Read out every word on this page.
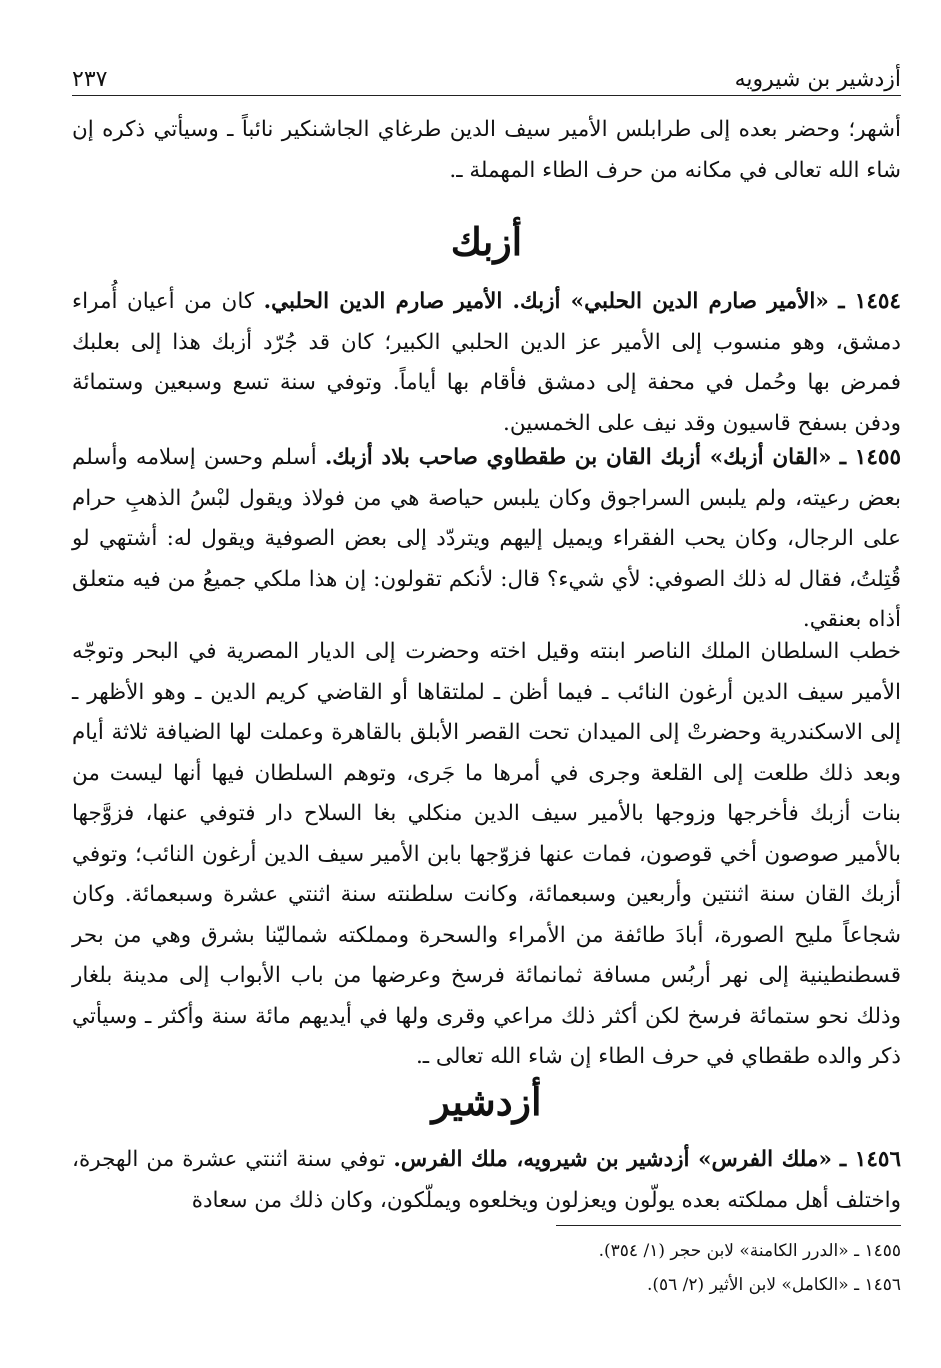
أزدشير بن شيرويه
٢٣٧

أشهر؛ وحضر بعده إلى طرابلس الأمير سيف الدين طرغاي الجاشنكير نائباً ـ وسيأتي ذكره إن شاء الله تعالى في مكانه من حرف الطاء المهملة ـ.

أزبك

١٤٥٤ ـ «الأمير صارم الدين الحلبي» أزبك. الأمير صارم الدين الحلبي. كان من أعيان أُمراء دمشق، وهو منسوب إلى الأمير عز الدين الحلبي الكبير؛ كان قد جُرّد أزبك هذا إلى بعلبك فمرض بها وحُمل في محفة إلى دمشق فأقام بها أياماً. وتوفي سنة تسع وسبعين وستمائة ودفن بسفح قاسيون وقد نيف على الخمسين.

١٤٥٥ ـ «القان أزبك» أزبك القان بن طقطاوي صاحب بلاد أزبك. أسلم وحسن إسلامه وأسلم بعض رعيته، ولم يلبس السراجوق وكان يلبس حياصة هي من فولاذ ويقول لبْسُ الذهبِ حرام على الرجال، وكان يحب الفقراء ويميل إليهم ويتردّد إلى بعض الصوفية ويقول له: أشتهي لو قُتِلتُ، فقال له ذلك الصوفي: لأي شيء؟ قال: لأنكم تقولون: إن هذا ملكي جميعُ من فيه متعلق أذاه بعنقي.

خطب السلطان الملك الناصر ابنته وقيل اخته وحضرت إلى الديار المصرية في البحر وتوجّه الأمير سيف الدين أرغون النائب ـ فيما أظن ـ لملتقاها أو القاضي كريم الدين ـ وهو الأظهر ـ إلى الاسكندرية وحضرتْ إلى الميدان تحت القصر الأبلق بالقاهرة وعملت لها الضيافة ثلاثة أيام وبعد ذلك طلعت إلى القلعة وجرى في أمرها ما جَرى، وتوهم السلطان فيها أنها ليست من بنات أزبك فأخرجها وزوجها بالأمير سيف الدين منكلي بغا السلاح دار فتوفي عنها، فزوَّجها بالأمير صوصون أخي قوصون، فمات عنها فزوّجها بابن الأمير سيف الدين أرغون النائب؛ وتوفي أزبك القان سنة اثنتين وأربعين وسبعمائة، وكانت سلطنته سنة اثنتي عشرة وسبعمائة. وكان شجاعاً مليح الصورة، أبادَ طائفة من الأمراء والسحرة ومملكته شماليّنا بشرق وهي من بحر قسطنطينية إلى نهر أربُس مسافة ثمانمائة فرسخ وعرضها من باب الأبواب إلى مدينة بلغار وذلك نحو ستمائة فرسخ لكن أكثر ذلك مراعي وقرى ولها في أيديهم مائة سنة وأكثر ـ وسيأتي ذكر والده طقطاي في حرف الطاء إن شاء الله تعالى ـ.

أزدشير

١٤٥٦ ـ «ملك الفرس» أزدشير بن شيرويه، ملك الفرس. توفي سنة اثنتي عشرة من الهجرة، واختلف أهل مملكته بعده يولّون ويعزلون ويخلعوه ويملّكون، وكان ذلك من سعادة

١٤٥٥ ـ «الدرر الكامنة» لابن حجر (١/ ٣٥٤).
١٤٥٦ ـ «الكامل» لابن الأثير (٢/ ٥٦).
